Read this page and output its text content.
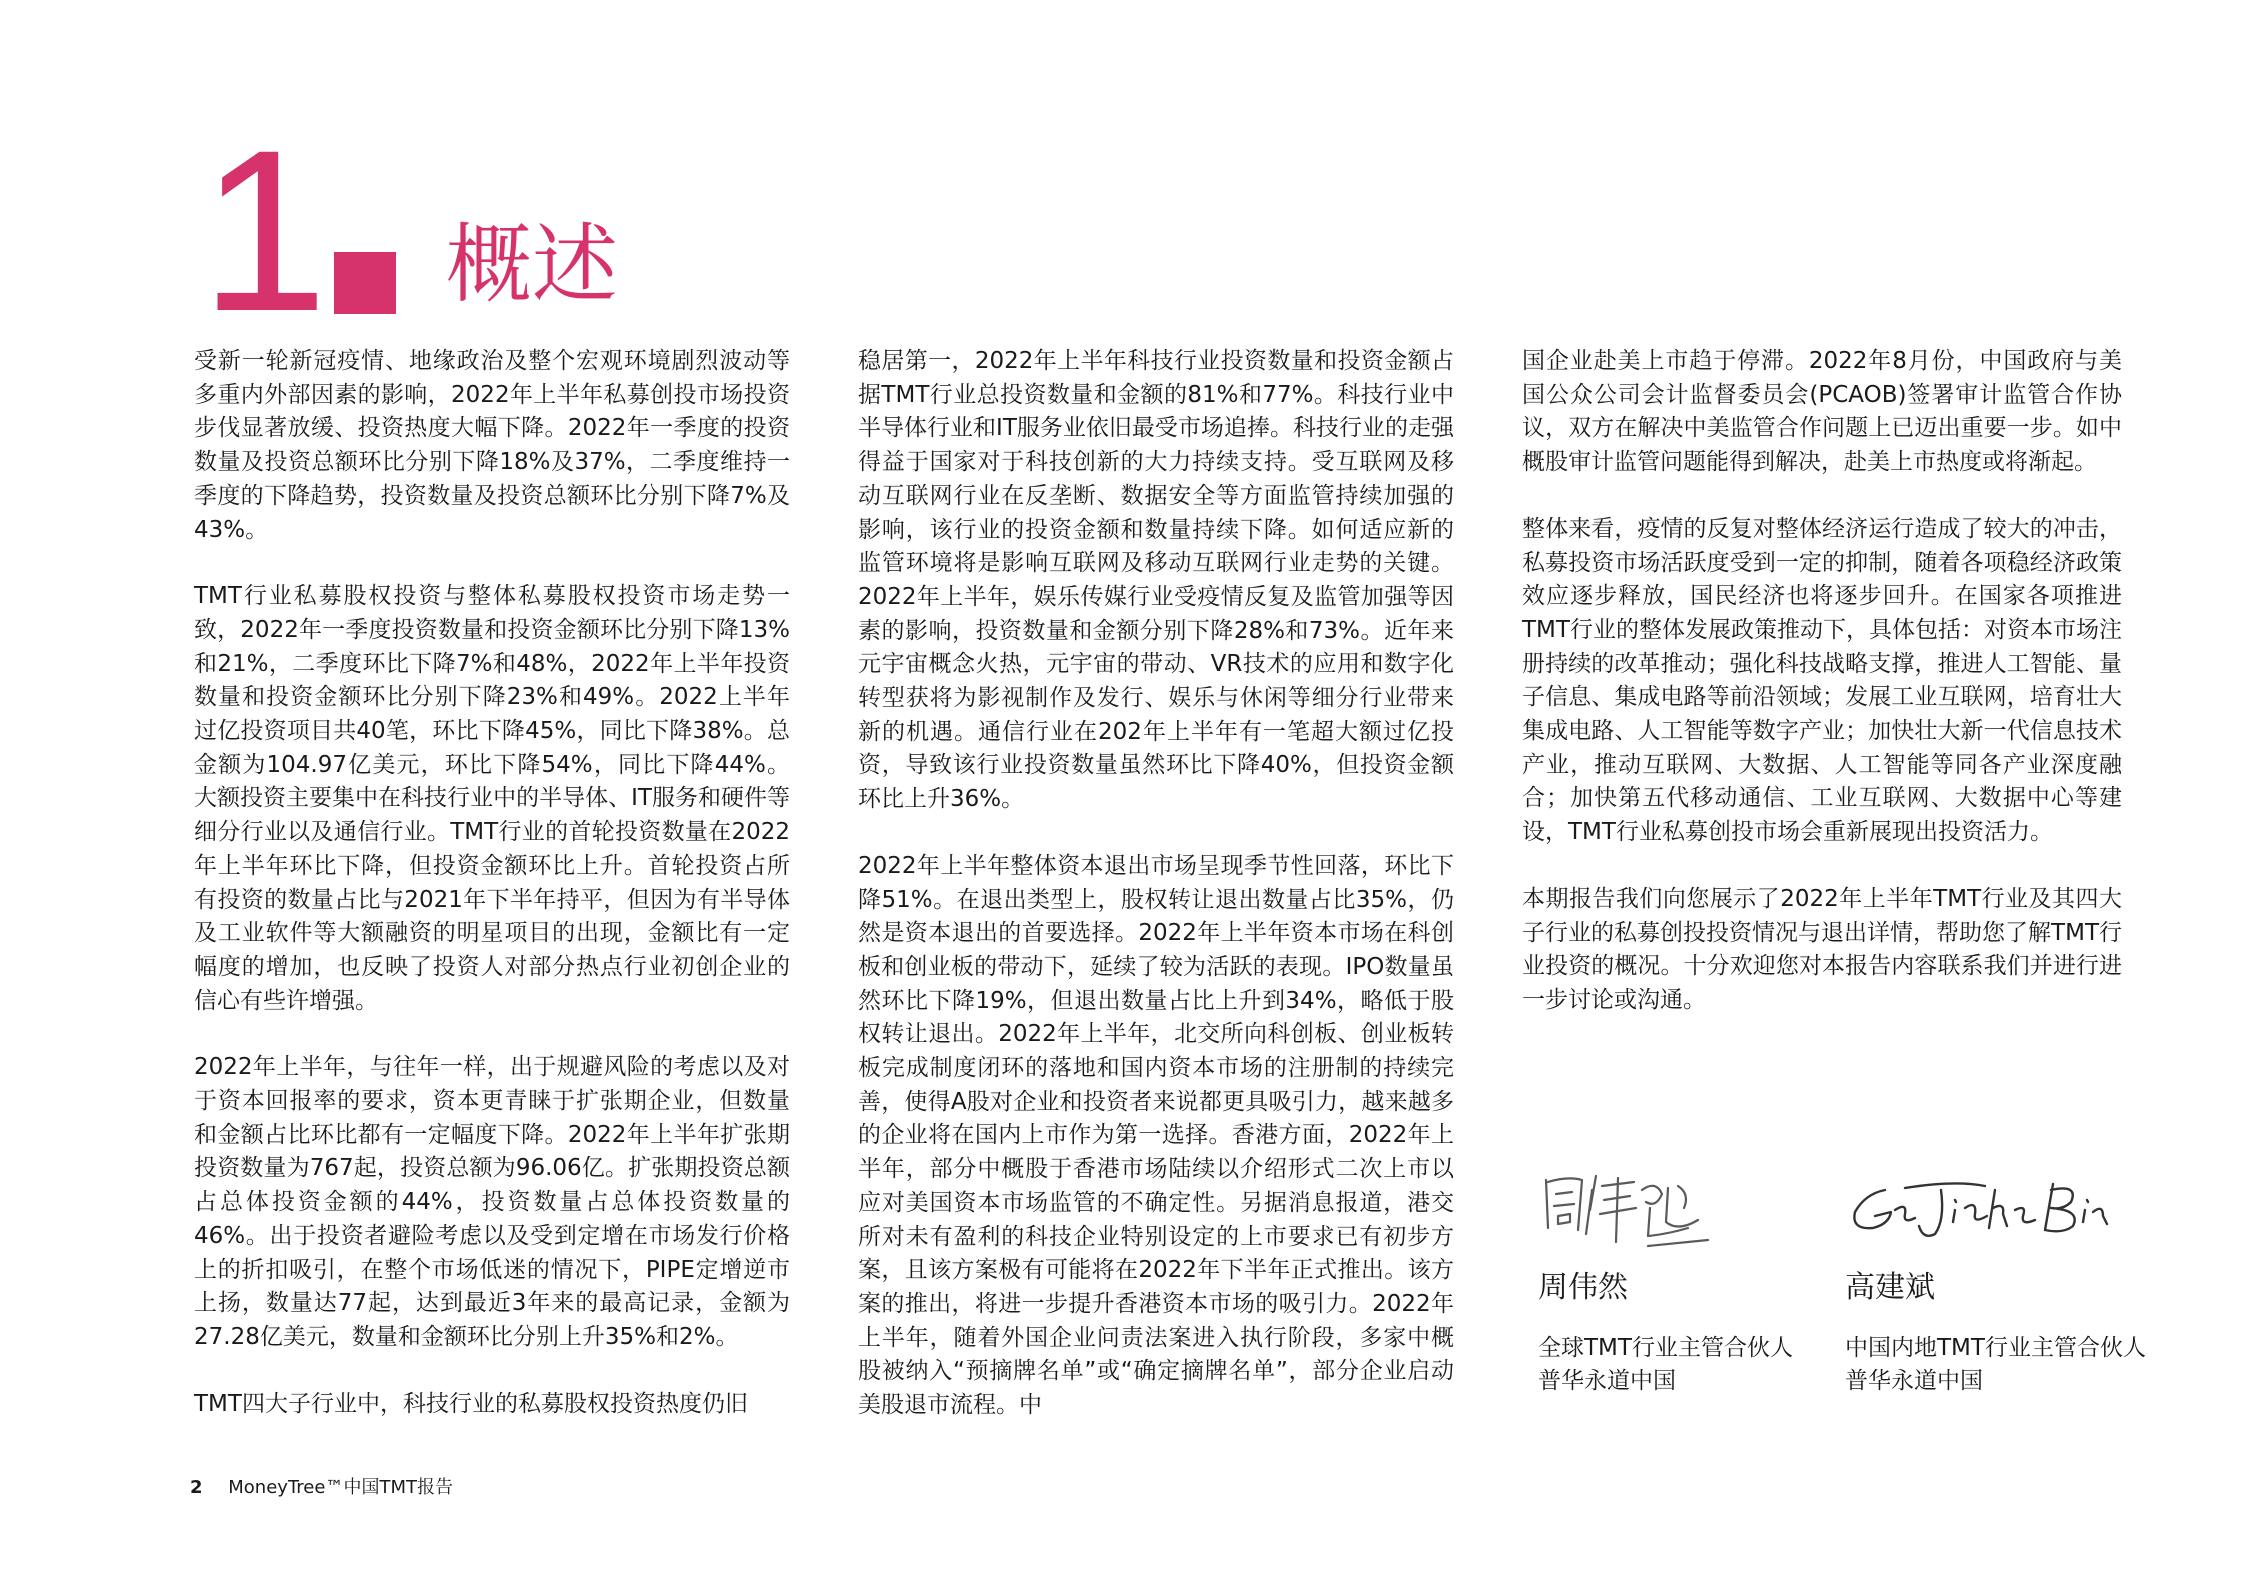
1 概述

受新一轮新冠疫情、地缘政治及整个宏观环境剧烈波动等多重内外部因素的影响，2022年上半年私募创投市场投资步伐显著放缓、投资热度大幅下降。2022年一季度的投资数量及投资总额环比分别下降18%及37%，二季度维持一季度的下降趋势，投资数量及投资总额环比分别下降7%及43%。

TMT行业私募股权投资与整体私募股权投资市场走势一致，2022年一季度投资数量和投资金额环比分别下降13%和21%，二季度环比下降7%和48%，2022年上半年投资数量和投资金额环比分别下降23%和49%。2022上半年过亿投资项目共40笔，环比下降45%，同比下降38%。总金额为104.97亿美元，环比下降54%，同比下降44%。大额投资主要集中在科技行业中的半导体、IT服务和硬件等细分行业以及通信行业。TMT行业的首轮投资数量在2022年上半年环比下降，但投资金额环比上升。首轮投资占所有投资的数量占比与2021年下半年持平，但因为有半导体及工业软件等大额融资的明星项目的出现，金额比有一定幅度的增加，也反映了投资人对部分热点行业初创企业的信心有些许增强。

2022年上半年，与往年一样，出于规避风险的考虑以及对于资本回报率的要求，资本更青睐于扩张期企业，但数量和金额占比环比都有一定幅度下降。2022年上半年扩张期投资数量为767起，投资总额为96.06亿。扩张期投资总额占总体投资金额的44%，投资数量占总体投资数量的46%。出于投资者避险考虑以及受到定增在市场发行价格上的折扣吸引，在整个市场低迷的情况下，PIPE定增逆市上扬，数量达77起，达到最近3年来的最高记录，金额为27.28亿美元，数量和金额环比分别上升35%和2%。

TMT四大子行业中，科技行业的私募股权投资热度仍旧

稳居第一，2022年上半年科技行业投资数量和投资金额占据TMT行业总投资数量和金额的81%和77%。科技行业中半导体行业和IT服务业依旧最受市场追捧。科技行业的走强得益于国家对于科技创新的大力持续支持。受互联网及移动互联网行业在反垄断、数据安全等方面监管持续加强的影响，该行业的投资金额和数量持续下降。如何适应新的监管环境将是影响互联网及移动互联网行业走势的关键。2022年上半年，娱乐传媒行业受疫情反复及监管加强等因素的影响，投资数量和金额分别下降28%和73%。近年来元宇宙概念火热，元宇宙的带动、VR技术的应用和数字化转型获将为影视制作及发行、娱乐与休闲等细分行业带来新的机遇。通信行业在202年上半年有一笔超大额过亿投资，导致该行业投资数量虽然环比下降40%，但投资金额环比上升36%。

2022年上半年整体资本退出市场呈现季节性回落，环比下降51%。在退出类型上，股权转让退出数量占比35%，仍然是资本退出的首要选择。2022年上半年资本市场在科创板和创业板的带动下，延续了较为活跃的表现。IPO数量虽然环比下降19%，但退出数量占比上升到34%，略低于股权转让退出。2022年上半年，北交所向科创板、创业板转板完成制度闭环的落地和国内资本市场的注册制的持续完善，使得A股对企业和投资者来说都更具吸引力，越来越多的企业将在国内上市作为第一选择。香港方面，2022年上半年，部分中概股于香港市场陆续以介绍形式二次上市以应对美国资本市场监管的不确定性。另据消息报道，港交所对未有盈利的科技企业特别设定的上市要求已有初步方案，且该方案极有可能将在2022年下半年正式推出。该方案的推出，将进一步提升香港资本市场的吸引力。2022年上半年，随着外国企业问责法案进入执行阶段，多家中概股被纳入“预摘牌名单”或“确定摘牌名单”，部分企业启动美股退市流程。中

国企业赴美上市趋于停滞。2022年8月份，中国政府与美国公众公司会计监督委员会(PCAOB)签署审计监管合作协议，双方在解决中美监管合作问题上已迈出重要一步。如中概股审计监管问题能得到解决，赴美上市热度或将渐起。

整体来看，疫情的反复对整体经济运行造成了较大的冲击，私募投资市场活跃度受到一定的抑制，随着各项稳经济政策效应逐步释放，国民经济也将逐步回升。在国家各项推进TMT行业的整体发展政策推动下，具体包括：对资本市场注册持续的改革推动；强化科技战略支撑，推进人工智能、量子信息、集成电路等前沿领域；发展工业互联网，培育壮大集成电路、人工智能等数字产业；加快壮大新一代信息技术产业，推动互联网、大数据、人工智能等同各产业深度融合；加快第五代移动通信、工业互联网、大数据中心等建设，TMT行业私募创投市场会重新展现出投资活力。

本期报告我们向您展示了2022年上半年TMT行业及其四大子行业的私募创投投资情况与退出详情，帮助您了解TMT行业投资的概况。十分欢迎您对本报告内容联系我们并进行进一步讨论或沟通。

周伟然
全球TMT行业主管合伙人
普华永道中国
高建斌
中国内地TMT行业主管合伙人
普华永道中国
2 MoneyTree™中国TMT报告
